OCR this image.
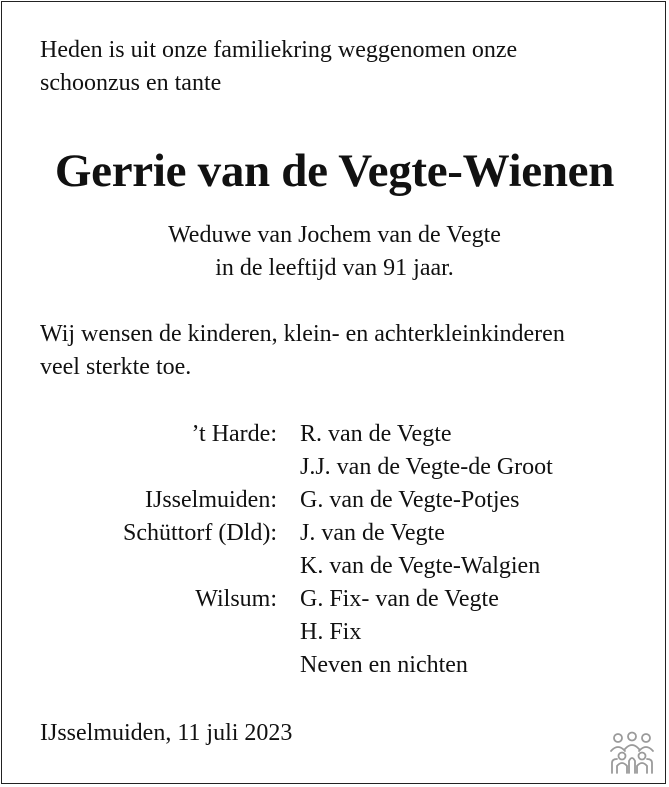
Heden is uit onze familiekring weggenomen onze
schoonzus en tante
Gerrie van de Vegte-Wienen
Weduwe van Jochem van de Vegte
in de leeftijd van 91 jaar.
Wij wensen de kinderen, klein- en achterkleinkinderen
veel sterkte toe.
’t Harde: R. van de Vegte
J.J. van de Vegte-de Groot
IJsselmuiden: G. van de Vegte-Potjes
Schüttorf (Dld): J. van de Vegte
K. van de Vegte-Walgien
Wilsum: G. Fix- van de Vegte
H. Fix
Neven en nichten
IJsselmuiden, 11 juli 2023
